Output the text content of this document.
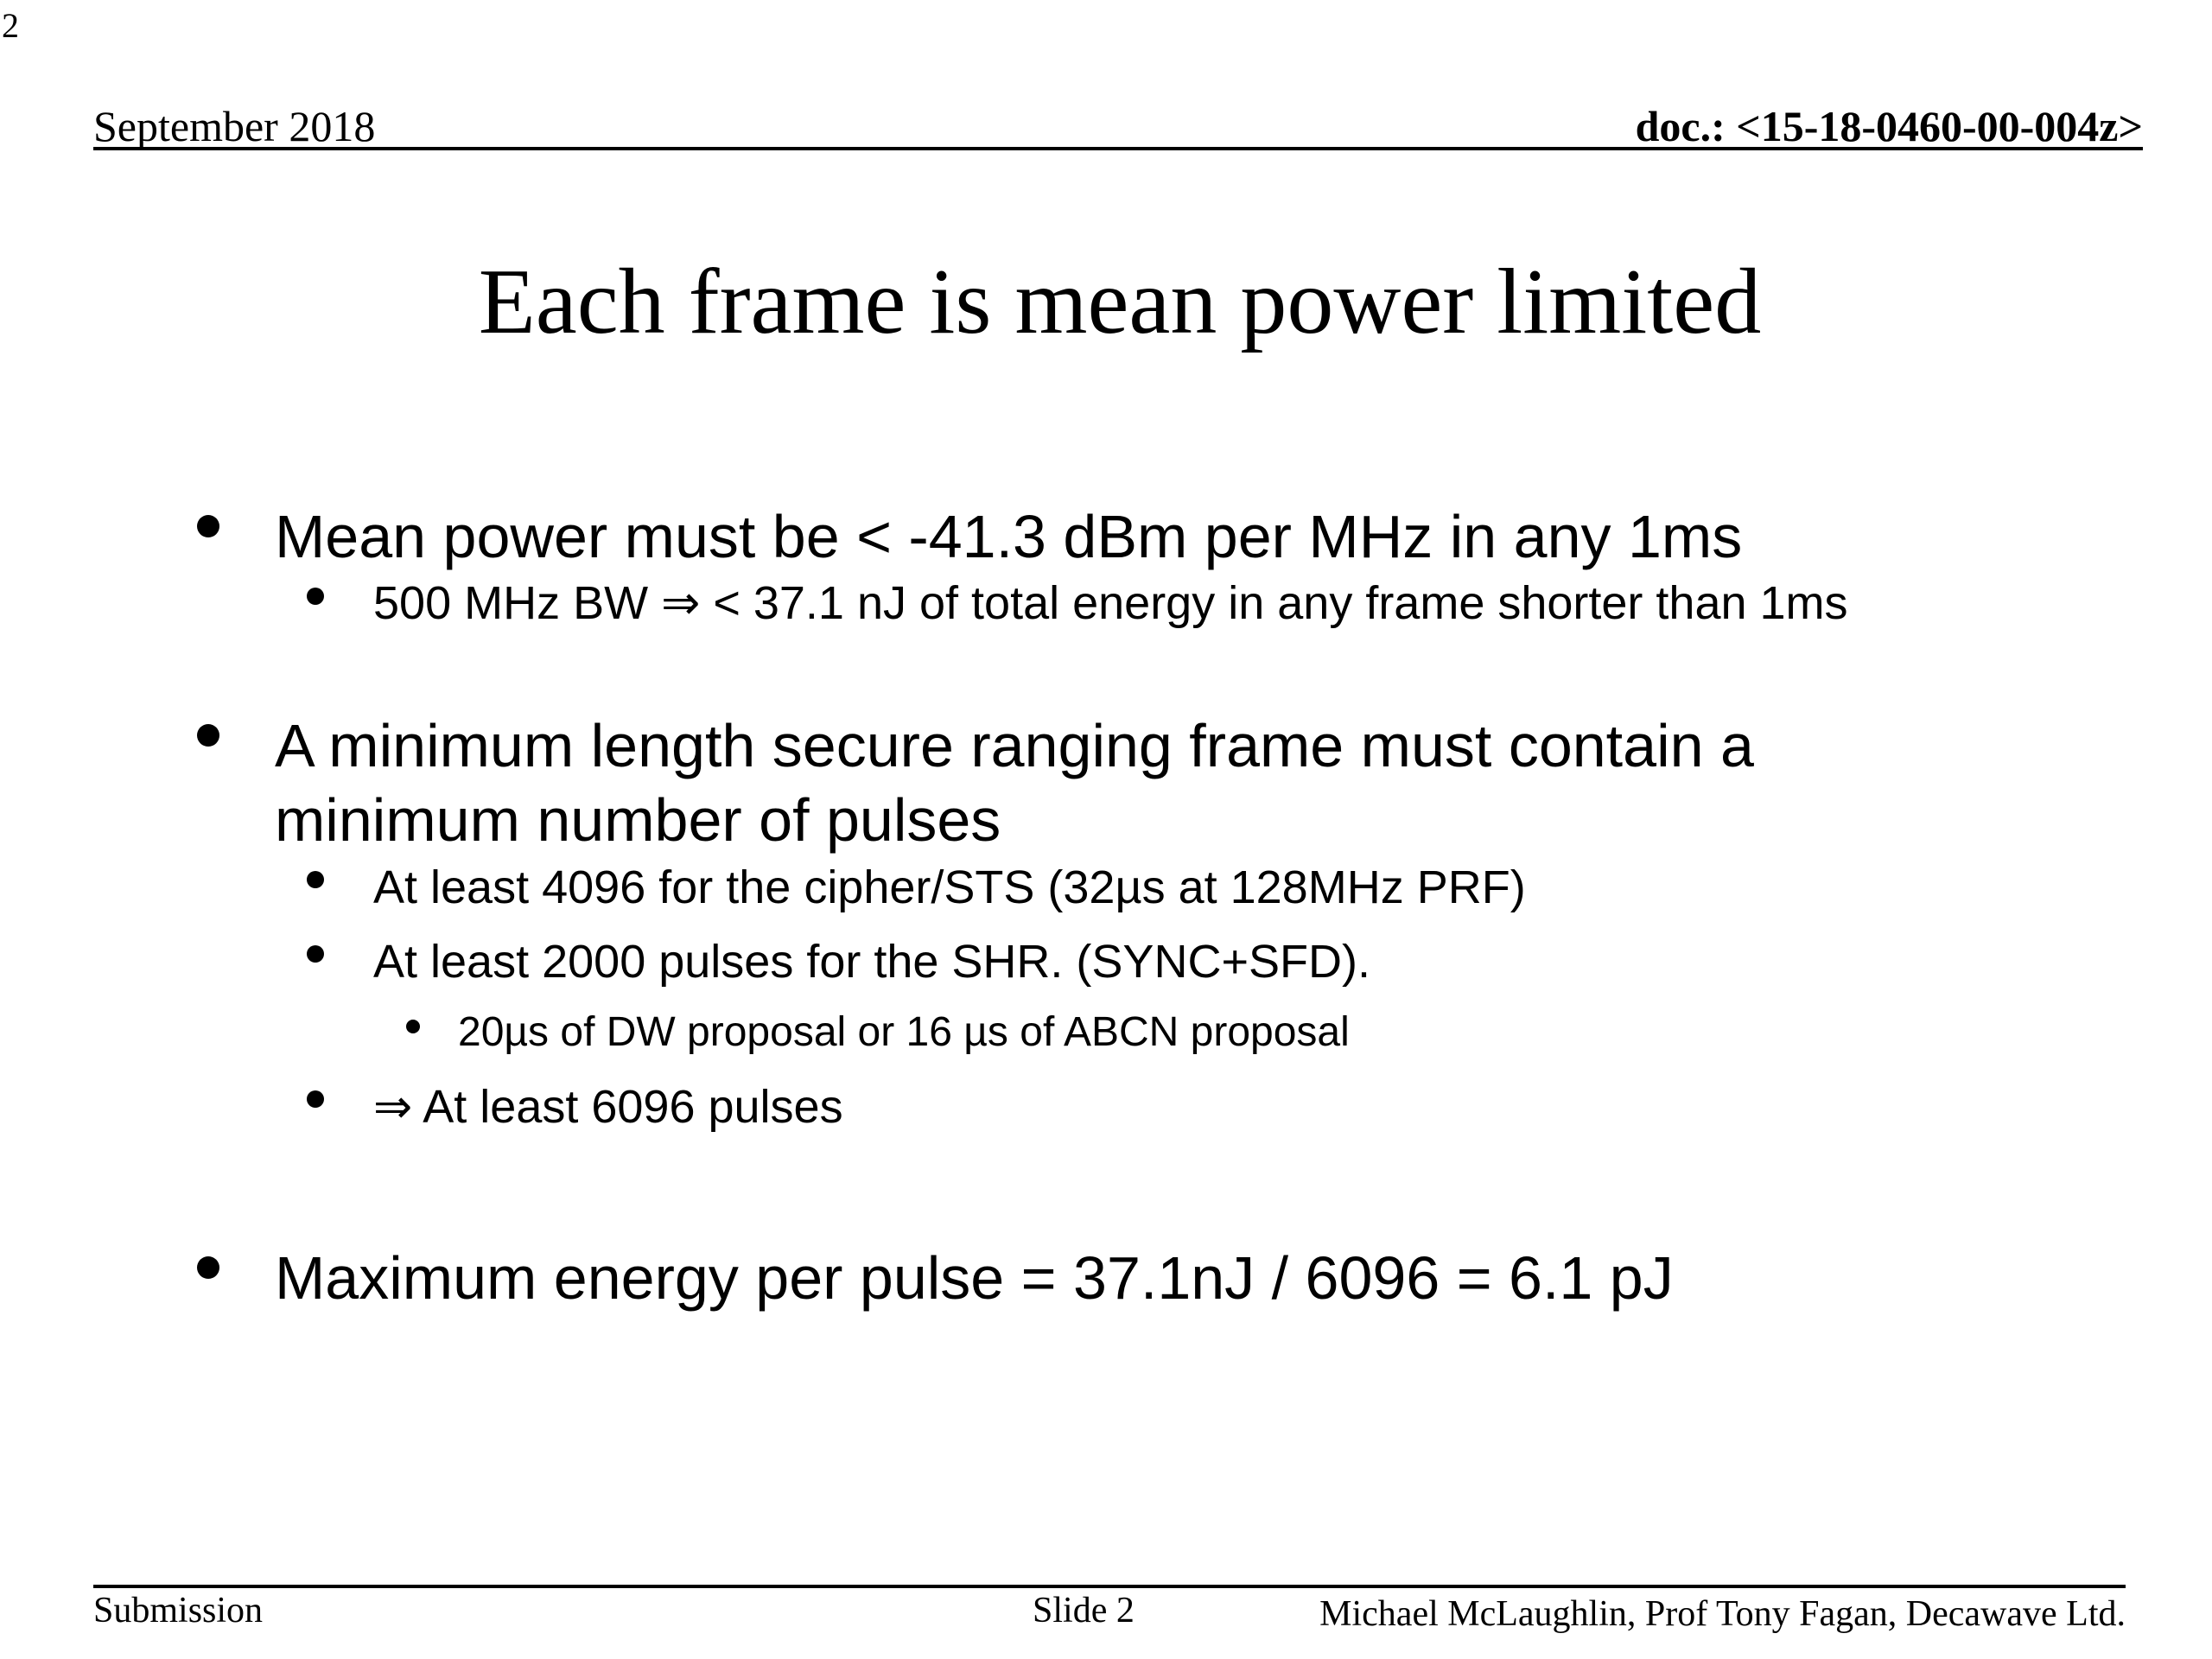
2
September 2018	doc.: <15-18-0460-00-004z>
Each frame is mean power limited
Mean power must be < -41.3 dBm per MHz in any 1ms
500 MHz BW ⇒ < 37.1 nJ of total energy in any frame shorter than 1ms
A minimum length secure ranging frame must contain a
minimum number of pulses
At least 4096 for the cipher/STS (32µs at 128MHz PRF)
At least 2000 pulses for the SHR. (SYNC+SFD).
20µs of DW proposal or 16 µs of ABCN proposal
⇒ At least 6096 pulses
Maximum energy per pulse = 37.1nJ / 6096 = 6.1 pJ
Submission	Slide 2	Michael McLaughlin, Prof Tony Fagan, Decawave Ltd.
